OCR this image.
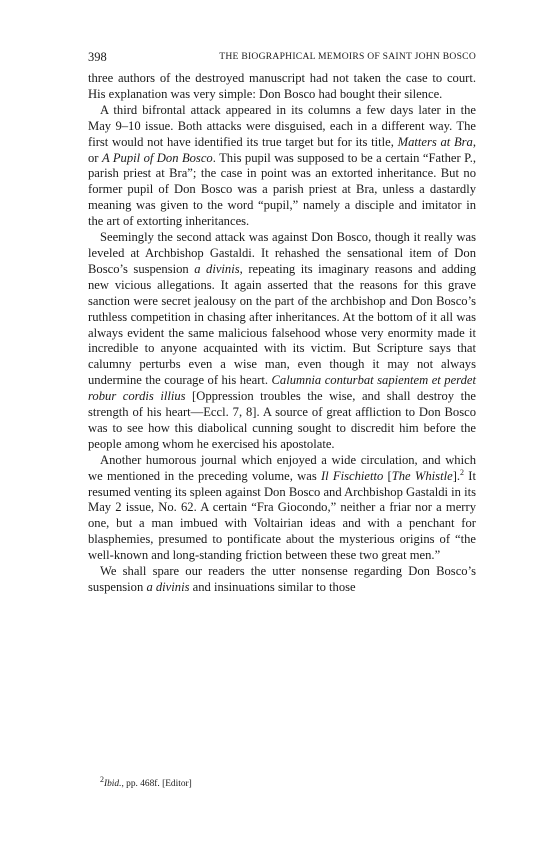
398	THE BIOGRAPHICAL MEMOIRS OF SAINT JOHN BOSCO

three authors of the destroyed manuscript had not taken the case to court. His explanation was very simple: Don Bosco had bought their silence.

A third bifrontal attack appeared in its columns a few days later in the May 9–10 issue. Both attacks were disguised, each in a different way. The first would not have identified its true target but for its title, Matters at Bra, or A Pupil of Don Bosco. This pupil was supposed to be a certain “Father P., parish priest at Bra”; the case in point was an extorted inheritance. But no former pupil of Don Bosco was a parish priest at Bra, unless a dastardly meaning was given to the word “pupil,” namely a disciple and imitator in the art of extorting inheritances.

Seemingly the second attack was against Don Bosco, though it really was leveled at Archbishop Gastaldi. It rehashed the sensational item of Don Bosco’s suspension a divinis, repeating its imaginary reasons and adding new vicious allegations. It again asserted that the reasons for this grave sanction were secret jealousy on the part of the archbishop and Don Bosco’s ruthless competition in chasing after inheritances. At the bottom of it all was always evident the same malicious falsehood whose very enormity made it incredible to anyone acquainted with its victim. But Scripture says that calumny perturbs even a wise man, even though it may not always undermine the courage of his heart. Calumnia conturbat sapientem et perdet robur cordis illius [Oppression troubles the wise, and shall destroy the strength of his heart—Eccl. 7, 8]. A source of great affliction to Don Bosco was to see how this diabolical cunning sought to discredit him before the people among whom he exercised his apostolate.

Another humorous journal which enjoyed a wide circulation, and which we mentioned in the preceding volume, was Il Fischietto [The Whistle].$^2$ It resumed venting its spleen against Don Bosco and Archbishop Gastaldi in its May 2 issue, No. 62. A certain “Fra Giocondo,” neither a friar nor a merry one, but a man imbued with Voltairian ideas and with a penchant for blasphemies, presumed to pontificate about the mysterious origins of “the well-known and long-standing friction between these two great men.”

We shall spare our readers the utter nonsense regarding Don Bosco’s suspension a divinis and insinuations similar to those

$^2$Ibid., pp. 468f. [Editor]
